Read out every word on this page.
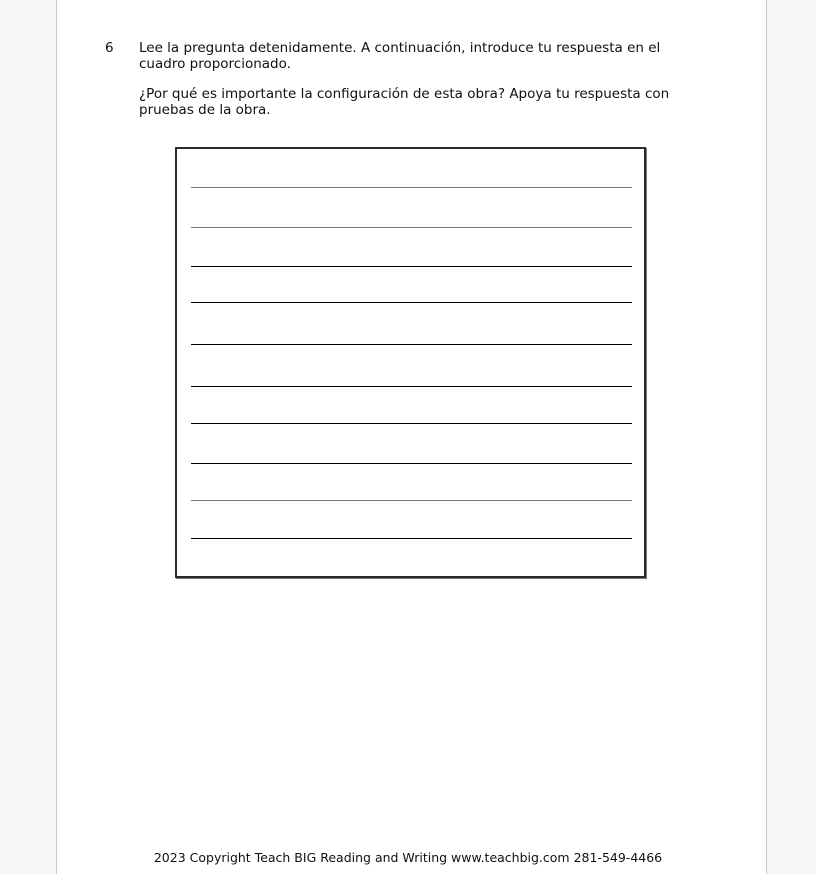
6 Lee la pregunta detenidamente. A continuación, introduce tu respuesta en el cuadro proporcionado.

¿Por qué es importante la configuración de esta obra? Apoya tu respuesta con pruebas de la obra.

2023 Copyright Teach BIG Reading and Writing www.teachbig.com 281-549-4466
